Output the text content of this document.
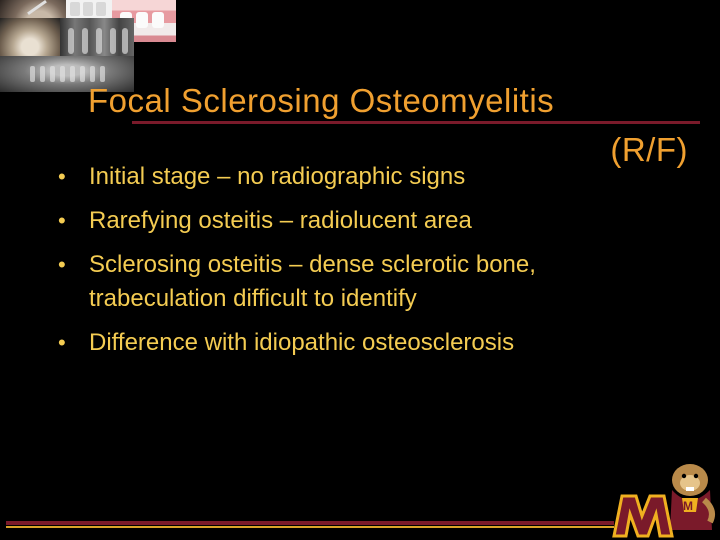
Focal Sclerosing Osteomyelitis
(R/F)
• Initial stage – no radiographic signs
• Rarefying osteitis – radiolucent area
• Sclerosing osteitis – dense sclerotic bone, trabeculation difficult to identify
• Difference with idiopathic osteosclerosis
M
